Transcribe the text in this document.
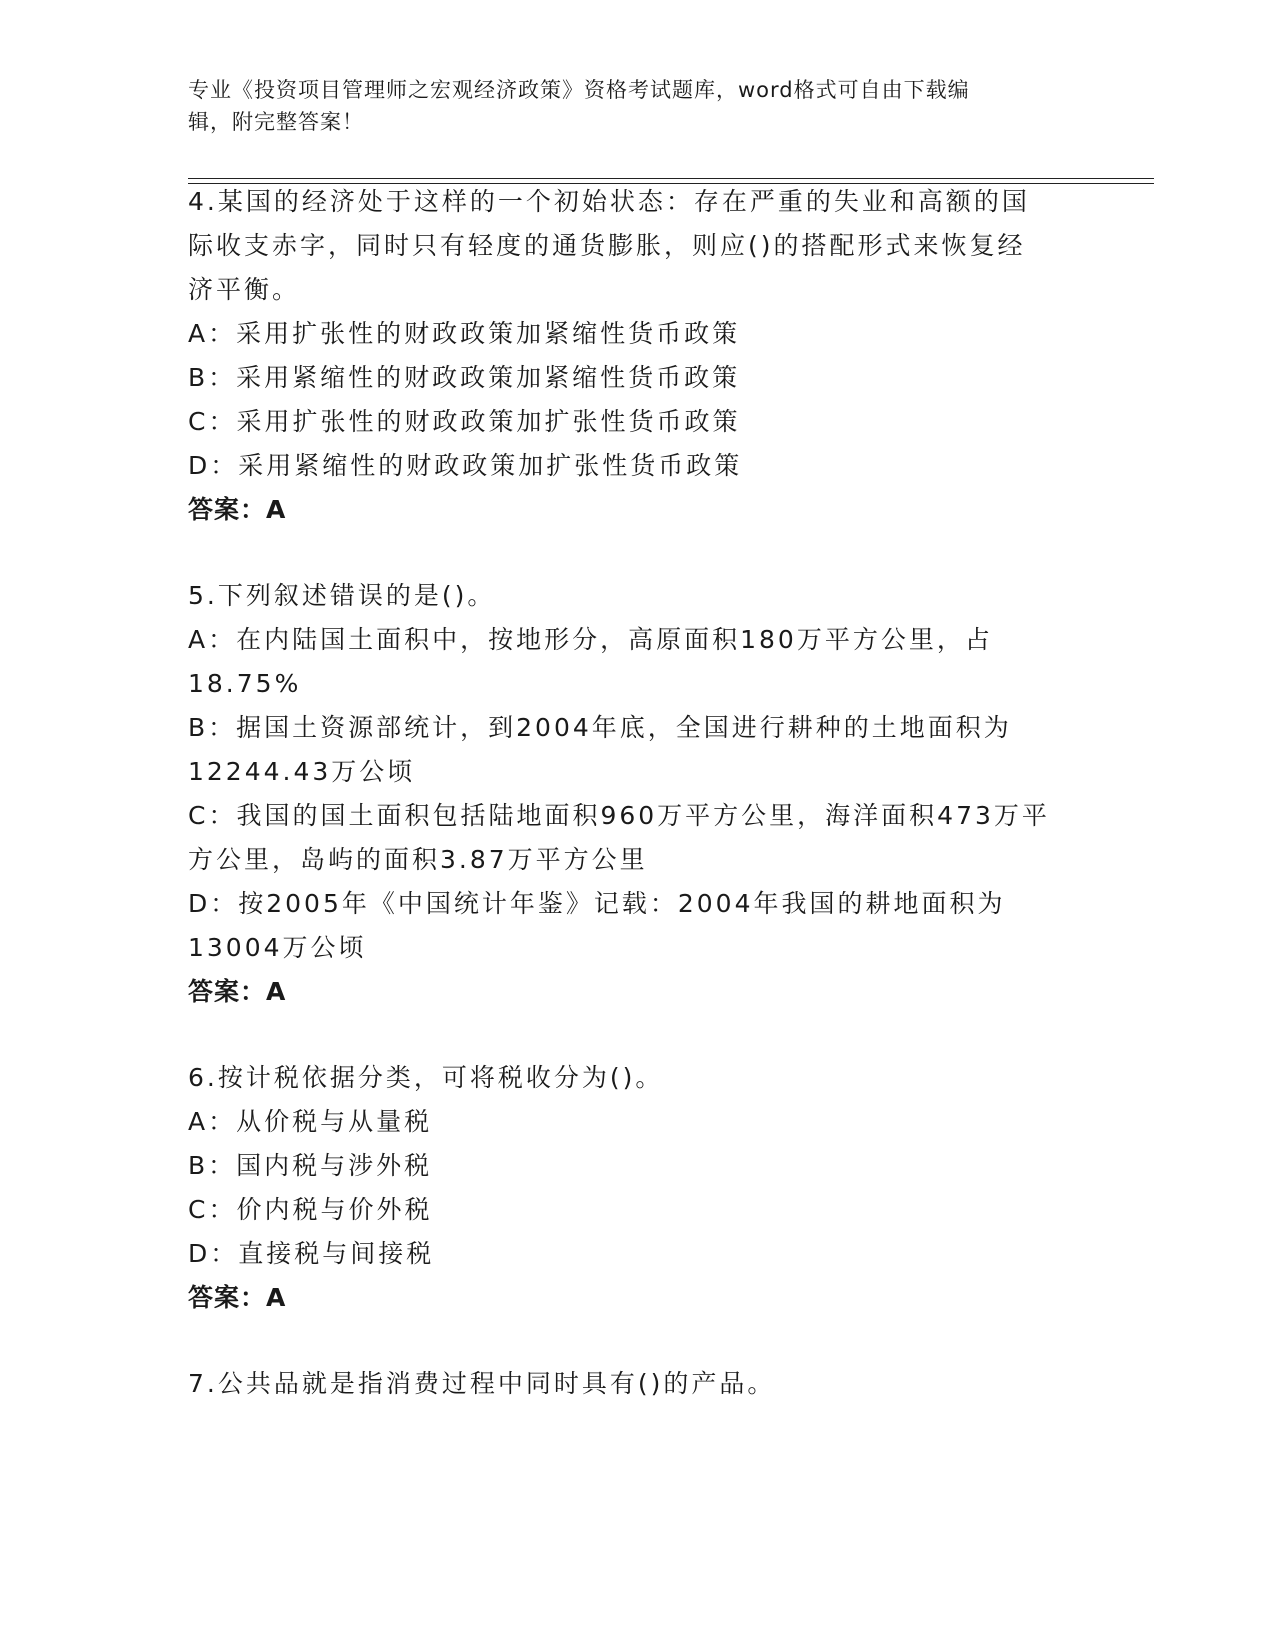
专业《投资项目管理师之宏观经济政策》资格考试题库，word格式可自由下载编
辑，附完整答案！
4.某国的经济处于这样的一个初始状态：存在严重的失业和高额的国
际收支赤字，同时只有轻度的通货膨胀，则应()的搭配形式来恢复经
济平衡。
A：采用扩张性的财政政策加紧缩性货币政策
B：采用紧缩性的财政政策加紧缩性货币政策
C：采用扩张性的财政政策加扩张性货币政策
D：采用紧缩性的财政政策加扩张性货币政策
答案：A
5.下列叙述错误的是()。
A：在内陆国土面积中，按地形分，高原面积180万平方公里，占
18.75%
B：据国土资源部统计，到2004年底，全国进行耕种的土地面积为
12244.43万公顷
C：我国的国土面积包括陆地面积960万平方公里，海洋面积473万平
方公里，岛屿的面积3.87万平方公里
D：按2005年《中国统计年鉴》记载：2004年我国的耕地面积为
13004万公顷
答案：A
6.按计税依据分类，可将税收分为()。
A：从价税与从量税
B：国内税与涉外税
C：价内税与价外税
D：直接税与间接税
答案：A
7.公共品就是指消费过程中同时具有()的产品。
